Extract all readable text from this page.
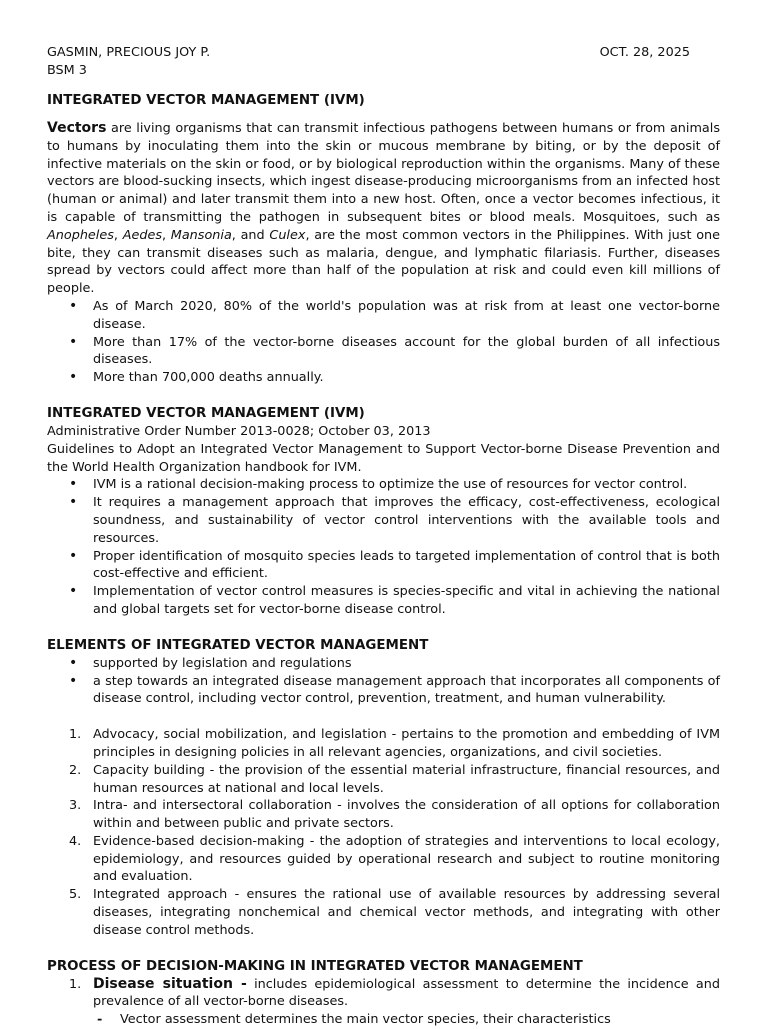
GASMIN, PRECIOUS JOY P.	OCT. 28, 2025
BSM 3
INTEGRATED VECTOR MANAGEMENT (IVM)

Vectors are living organisms that can transmit infectious pathogens between humans or from animals to humans by inoculating them into the skin or mucous membrane by biting, or by the deposit of infective materials on the skin or food, or by biological reproduction within the organisms. Many of these vectors are blood-sucking insects, which ingest disease-producing microorganisms from an infected host (human or animal) and later transmit them into a new host. Often, once a vector becomes infectious, it is capable of transmitting the pathogen in subsequent bites or blood meals. Mosquitoes, such as Anopheles, Aedes, Mansonia, and Culex, are the most common vectors in the Philippines. With just one bite, they can transmit diseases such as malaria, dengue, and lymphatic filariasis. Further, diseases spread by vectors could affect more than half of the population at risk and could even kill millions of people.

• As of March 2020, 80% of the world's population was at risk from at least one vector-borne disease.
• More than 17% of the vector-borne diseases account for the global burden of all infectious diseases.
• More than 700,000 deaths annually.
INTEGRATED VECTOR MANAGEMENT (IVM)

Administrative Order Number 2013-0028; October 03, 2013

Guidelines to Adopt an Integrated Vector Management to Support Vector-borne Disease Prevention and the World Health Organization handbook for IVM.

• IVM is a rational decision-making process to optimize the use of resources for vector control.
• It requires a management approach that improves the efficacy, cost-effectiveness, ecological soundness, and sustainability of vector control interventions with the available tools and resources.
• Proper identification of mosquito species leads to targeted implementation of control that is both cost-effective and efficient.
• Implementation of vector control measures is species-specific and vital in achieving the national and global targets set for vector-borne disease control.
ELEMENTS OF INTEGRATED VECTOR MANAGEMENT
• supported by legislation and regulations
• a step towards an integrated disease management approach that incorporates all components of disease control, including vector control, prevention, treatment, and human vulnerability.
1. Advocacy, social mobilization, and legislation - pertains to the promotion and embedding of IVM principles in designing policies in all relevant agencies, organizations, and civil societies.
2. Capacity building - the provision of the essential material infrastructure, financial resources, and human resources at national and local levels.
3. Intra- and intersectoral collaboration - involves the consideration of all options for collaboration within and between public and private sectors.
4. Evidence-based decision-making - the adoption of strategies and interventions to local ecology, epidemiology, and resources guided by operational research and subject to routine monitoring and evaluation.
5. Integrated approach - ensures the rational use of available resources by addressing several diseases, integrating nonchemical and chemical vector methods, and integrating with other disease control methods.
PROCESS OF DECISION-MAKING IN INTEGRATED VECTOR MANAGEMENT
1. Disease situation - includes epidemiological assessment to determine the incidence and prevalence of all vector-borne diseases.
- Vector assessment determines the main vector species, their characteristics
